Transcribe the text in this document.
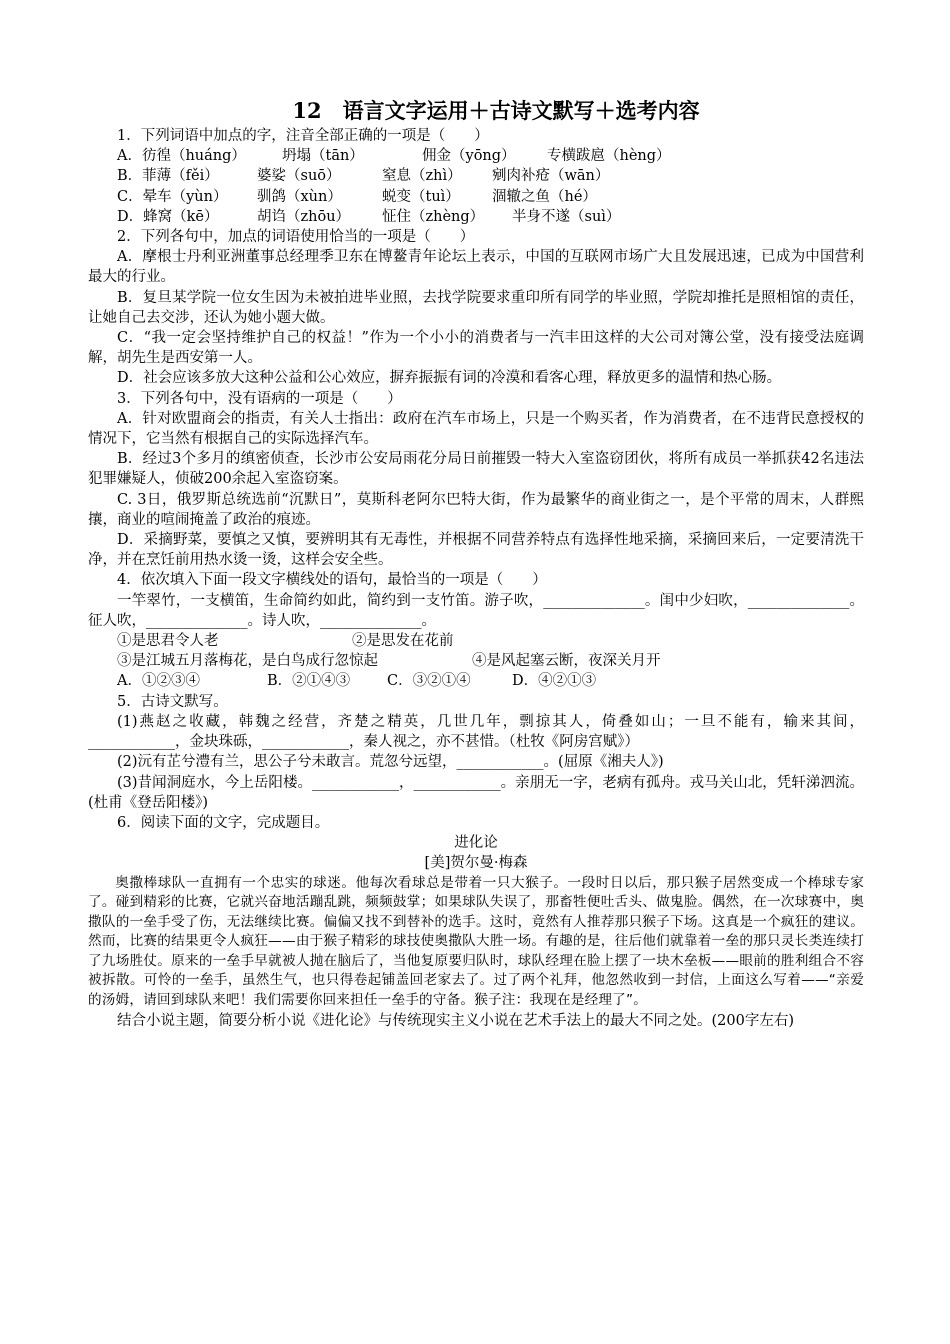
12　语言文字运用＋古诗文默写＋选考内容

1．下列词语中加点的字，注音全部正确的一项是（　　）

A．彷徨（huáng） 坍塌（tān）	佣金（yōng） 专横跋扈（hèng）

B．菲薄（fěi）	婆娑（suō）	窒息（zhì） 剜肉补疮（wān）

C．晕车（yùn） 驯鸽（xùn）	蜕变（tuì） 涸辙之鱼（hé）

D．蜂窝（kē）	胡诌（zhōu） 怔住（zhèng） 半身不遂（suì）

2．下列各句中，加点的词语使用恰当的一项是（　　）

A．摩根士丹利亚洲董事总经理季卫东在博鳌青年论坛上表示，中国的互联网市场广大且发展迅速，已成为中国营利最大的行业。

B．复旦某学院一位女生因为未被拍进毕业照，去找学院要求重印所有同学的毕业照，学院却推托是照相馆的责任，让她自己去交涉，还认为她小题大做。

C．“我一定会坚持维护自己的权益！”作为一个小小的消费者与一汽丰田这样的大公司对簿公堂，没有接受法庭调解，胡先生是西安第一人。

D．社会应该多放大这种公益和公心效应，摒弃振振有词的冷漠和看客心理，释放更多的温情和热心肠。

3．下列各句中，没有语病的一项是（　　）

A．针对欧盟商会的指责，有关人士指出：政府在汽车市场上，只是一个购买者，作为消费者，在不违背民意授权的情况下，它当然有根据自己的实际选择汽车。

B．经过3个多月的缜密侦查，长沙市公安局雨花分局日前摧毁一特大入室盗窃团伙，将所有成员一举抓获42名违法犯罪嫌疑人，侦破200余起入室盗窃案。

C. 3日，俄罗斯总统选前“沉默日”，莫斯科老阿尔巴特大街，作为最繁华的商业街之一，是个平常的周末，人群熙攘，商业的喧闹掩盖了政治的痕迹。

D．采摘野菜，要慎之又慎，要辨明其有无毒性，并根据不同营养特点有选择性地采摘，采摘回来后，一定要清洗干净，并在烹饪前用热水烫一烫，这样会安全些。

4．依次填入下面一段文字横线处的语句，最恰当的一项是（　　）

一竿翠竹，一支横笛，生命简约如此，简约到一支竹笛。游子吹，______________。闺中少妇吹，______________。征人吹，______________。诗人吹，______________。

①是思君令人老	②是思发在花前

③是江城五月落梅花，是白鸟成行忽惊起	④是风起塞云断，夜深关月开

A．①②③④	B．②①④③	C．③②①④	D．④②①③

5．古诗文默写。

(1)燕赵之收藏，韩魏之经营，齐楚之精英，几世几年，剽掠其人，倚叠如山；一旦不能有，输来其间，____________，金块珠砾，____________，秦人视之，亦不甚惜。（杜牧《阿房宫赋》）

(2)沅有芷兮澧有兰，思公子兮未敢言。荒忽兮远望，____________。(屈原《湘夫人》)

(3)昔闻洞庭水，今上岳阳楼。____________，____________。亲朋无一字，老病有孤舟。戎马关山北，凭轩涕泗流。(杜甫《登岳阳楼》)

6．阅读下面的文字，完成题目。

进化论

[美]贺尔曼·梅森

奥撒棒球队一直拥有一个忠实的球迷。他每次看球总是带着一只大猴子。一段时日以后，那只猴子居然变成一个棒球专家了。碰到精彩的比赛，它就兴奋地活蹦乱跳，频频鼓掌；如果球队失误了，那畜牲便吐舌头、做鬼脸。偶然，在一次球赛中，奥撒队的一垒手受了伤，无法继续比赛。偏偏又找不到替补的选手。这时，竟然有人推荐那只猴子下场。这真是一个疯狂的建议。然而，比赛的结果更令人疯狂——由于猴子精彩的球技使奥撒队大胜一场。有趣的是，往后他们就靠着一垒的那只灵长类连续打了九场胜仗。原来的一垒手早就被人抛在脑后了，当他复原要归队时，球队经理在脸上摆了一块木垒板——眼前的胜利组合不容被拆散。可怜的一垒手，虽然生气，也只得卷起铺盖回老家去了。过了两个礼拜，他忽然收到一封信，上面这么写着——“亲爱的汤姆，请回到球队来吧！我们需要你回来担任一垒手的守备。猴子注：我现在是经理了”。

结合小说主题，简要分析小说《进化论》与传统现实主义小说在艺术手法上的最大不同之处。(200字左右)
